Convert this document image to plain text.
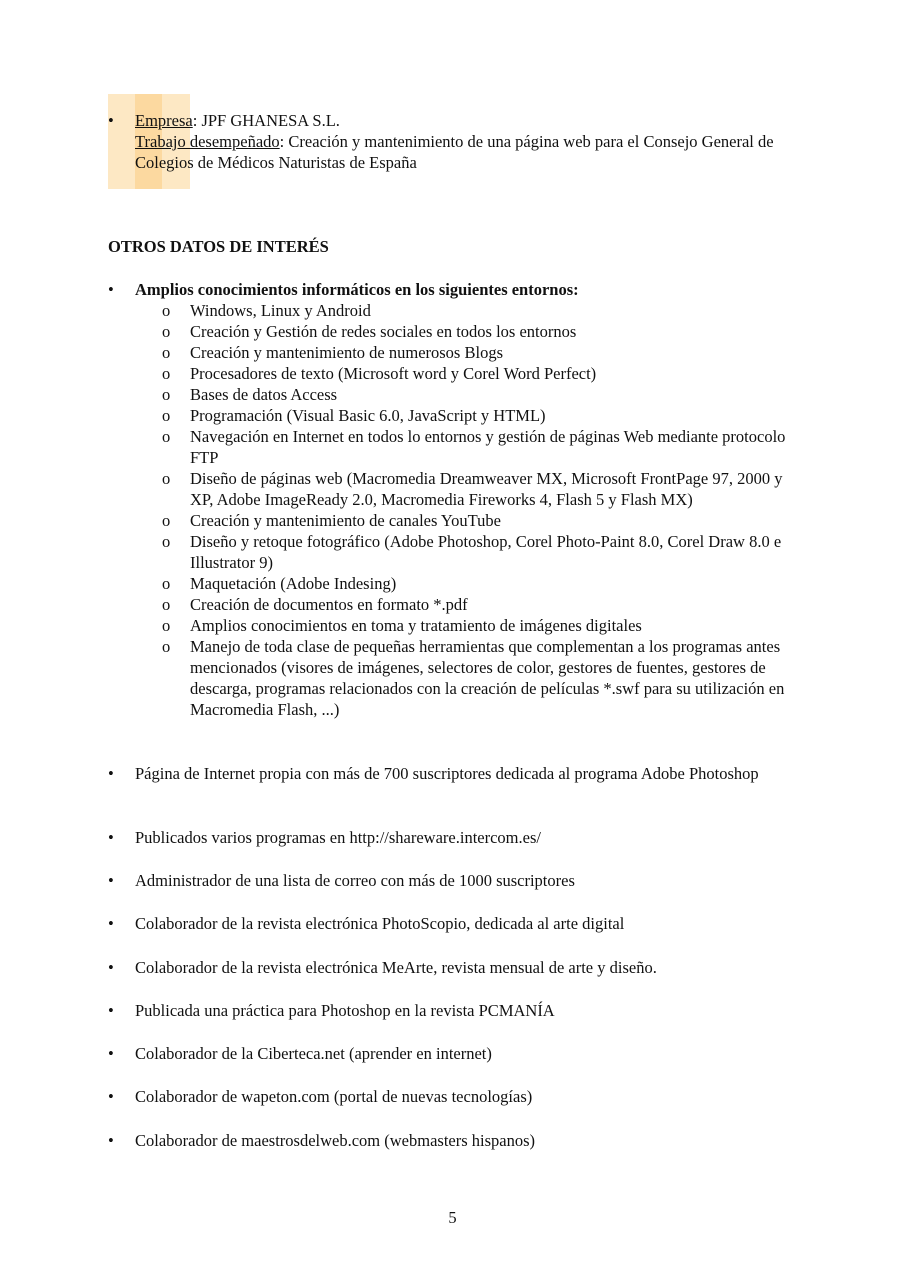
•	Empresa: JPF GHANESA S.L.
Trabajo desempeñado: Creación y mantenimiento de una página web para el Consejo General de Colegios de Médicos Naturistas de España
OTROS DATOS DE INTERÉS
•	Amplios conocimientos informáticos en los siguientes entornos:
o Windows, Linux y Android
o Creación y Gestión de redes sociales en todos los entornos
o Creación y mantenimiento de numerosos Blogs
o Procesadores de texto (Microsoft word y Corel Word Perfect)
o Bases de datos Access
o Programación (Visual Basic 6.0, JavaScript y HTML)
o Navegación en Internet en todos lo entornos y gestión de páginas Web mediante protocolo FTP
o Diseño de páginas web (Macromedia Dreamweaver MX, Microsoft FrontPage 97, 2000 y XP, Adobe ImageReady 2.0, Macromedia Fireworks 4, Flash 5 y Flash MX)
o Creación y mantenimiento de canales YouTube
o Diseño y retoque fotográfico (Adobe Photoshop, Corel Photo-Paint 8.0, Corel Draw 8.0 e Illustrator 9)
o Maquetación (Adobe Indesing)
o Creación de documentos en formato *.pdf
o Amplios conocimientos en toma y tratamiento de imágenes digitales
o Manejo de toda clase de pequeñas herramientas que complementan a los programas antes mencionados (visores de imágenes, selectores de color, gestores de fuentes, gestores de descarga, programas relacionados con la creación de películas *.swf para su utilización en Macromedia Flash, ...)
•	Página de Internet propia con más de 700 suscriptores dedicada al programa Adobe Photoshop
•	Publicados varios programas en http://shareware.intercom.es/
•	Administrador de una lista de correo con más de 1000 suscriptores
•	Colaborador de la revista electrónica PhotoScopio, dedicada al arte digital
•	Colaborador de la revista electrónica MeArte, revista mensual de arte y diseño.
•	Publicada una práctica para Photoshop en la revista PCMANÍA
•	Colaborador de la Ciberteca.net (aprender en internet)
•	Colaborador de wapeton.com (portal de nuevas tecnologías)
•	Colaborador de maestrosdelweb.com (webmasters hispanos)
5
